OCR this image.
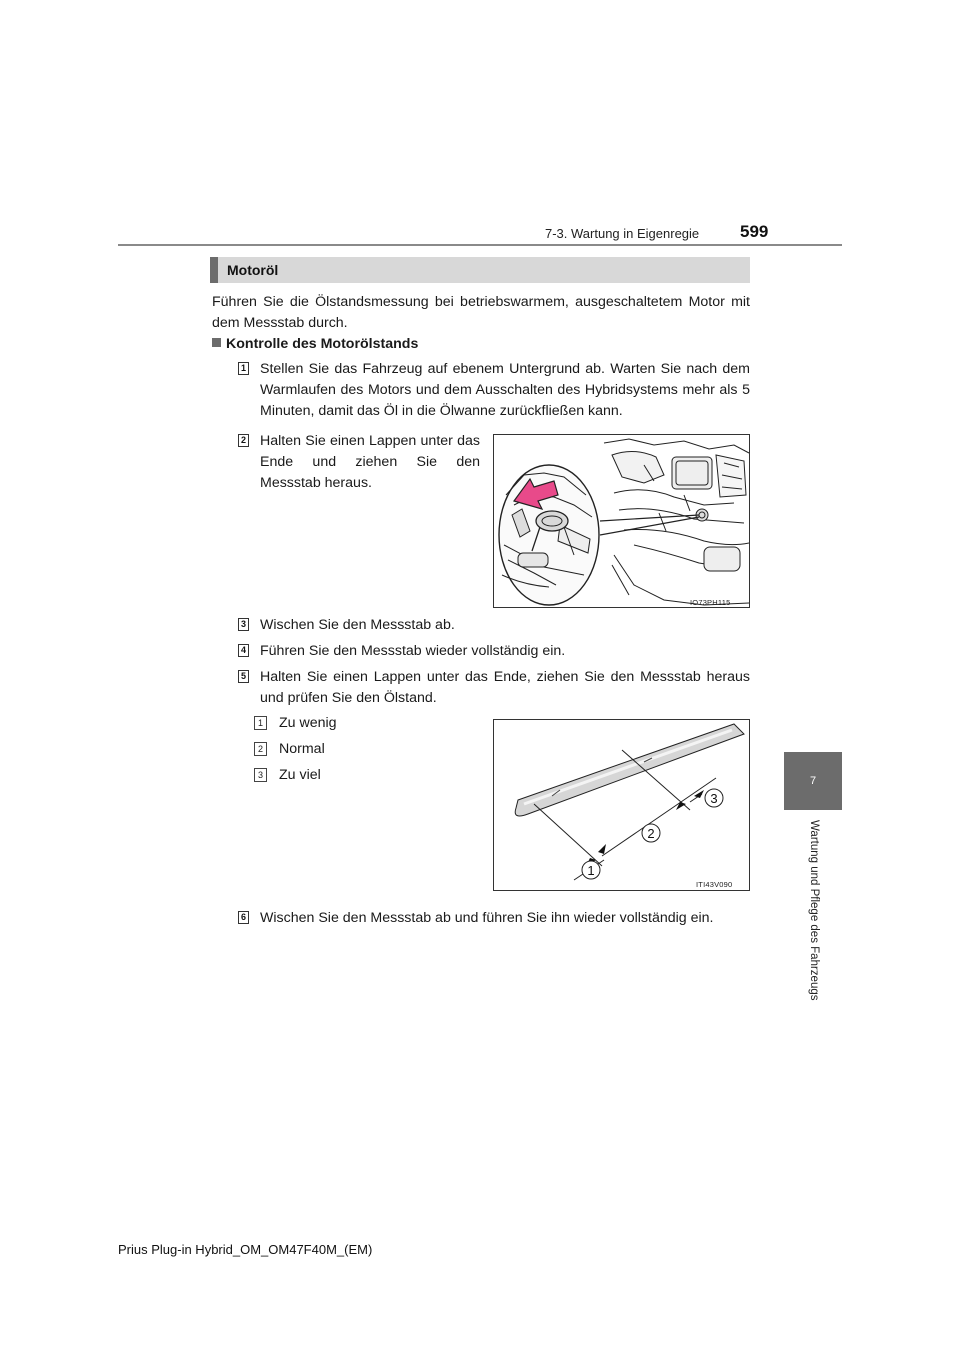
7-3. Wartung in Eigenregie 599
7
Wartung und Pflege des Fahrzeugs
Motoröl
Führen Sie die Ölstandsmessung bei betriebswarmem, ausgeschaltetem Motor mit dem Messstab durch.
Kontrolle des Motorölstands
1 Stellen Sie das Fahrzeug auf ebenem Untergrund ab. Warten Sie nach dem Warmlaufen des Motors und dem Ausschalten des Hybridsystems mehr als 5 Minuten, damit das Öl in die Ölwanne zurückfließen kann.
2 Halten Sie einen Lappen unter das Ende und ziehen Sie den Messstab heraus.
IO73PH115
3 Wischen Sie den Messstab ab.
4 Führen Sie den Messstab wieder vollständig ein.
5 Halten Sie einen Lappen unter das Ende, ziehen Sie den Messstab heraus und prüfen Sie den Ölstand.
1 Zu wenig
2 Normal
3 Zu viel
1
2
3
ITI43V090
6 Wischen Sie den Messstab ab und führen Sie ihn wieder vollständig ein.
Prius Plug-in Hybrid_OM_OM47F40M_(EM)
